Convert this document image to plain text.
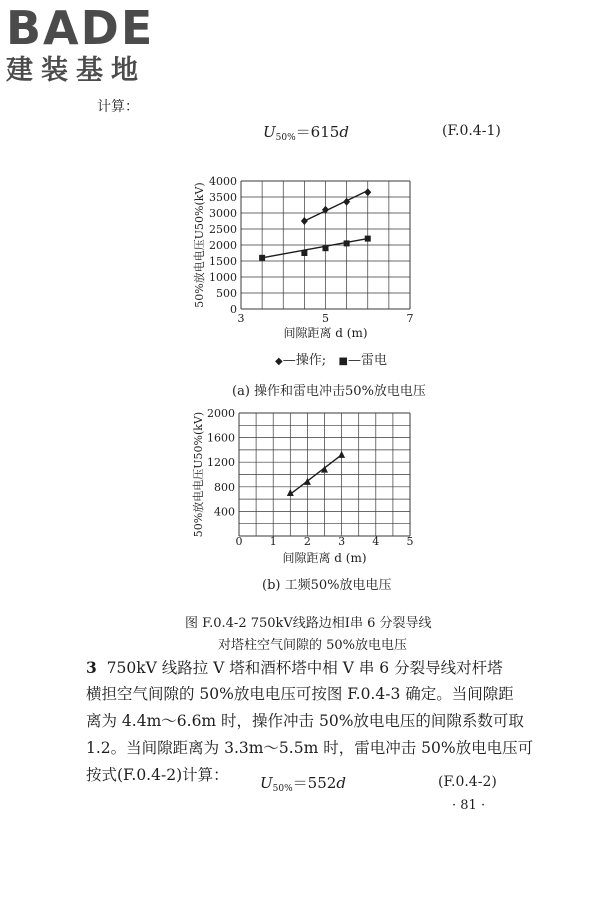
BADE
建装基地
计算：
$U_{50\%}=615d$	(F.0.4-1)
0
500
1000
1500
2000
2500
3000
3500
4000
3	5	7
间隙距离 d (m)
50%放电电压U50%(kV)
400
800
1200
1600
2000
0 1 2 3 4 5
间隙距离 d (m)
50%放电电压U50%(kV)
◆—操作; ■—雷电
(a) 操作和雷电冲击50%放电电压
(b) 工频50%放电电压
图 F.0.4-2 750kV线路边相Ⅰ串 6 分裂导线
对塔柱空气间隙的 50%放电电压
3 750kV 线路拉 V 塔和酒杯塔中相 V 串 6 分裂导线对杆塔
横担空气间隙的 50%放电电压可按图 F.0.4-3 确定。当间隙距
离为 4.4m～6.6m 时，操作冲击 50%放电电压的间隙系数可取
1.2。当间隙距离为 3.3m～5.5m 时，雷电冲击 50%放电电压可
按式(F.0.4-2)计算：	$U_{50\%}=552d$	(F.0.4-2)
· 81 ·
